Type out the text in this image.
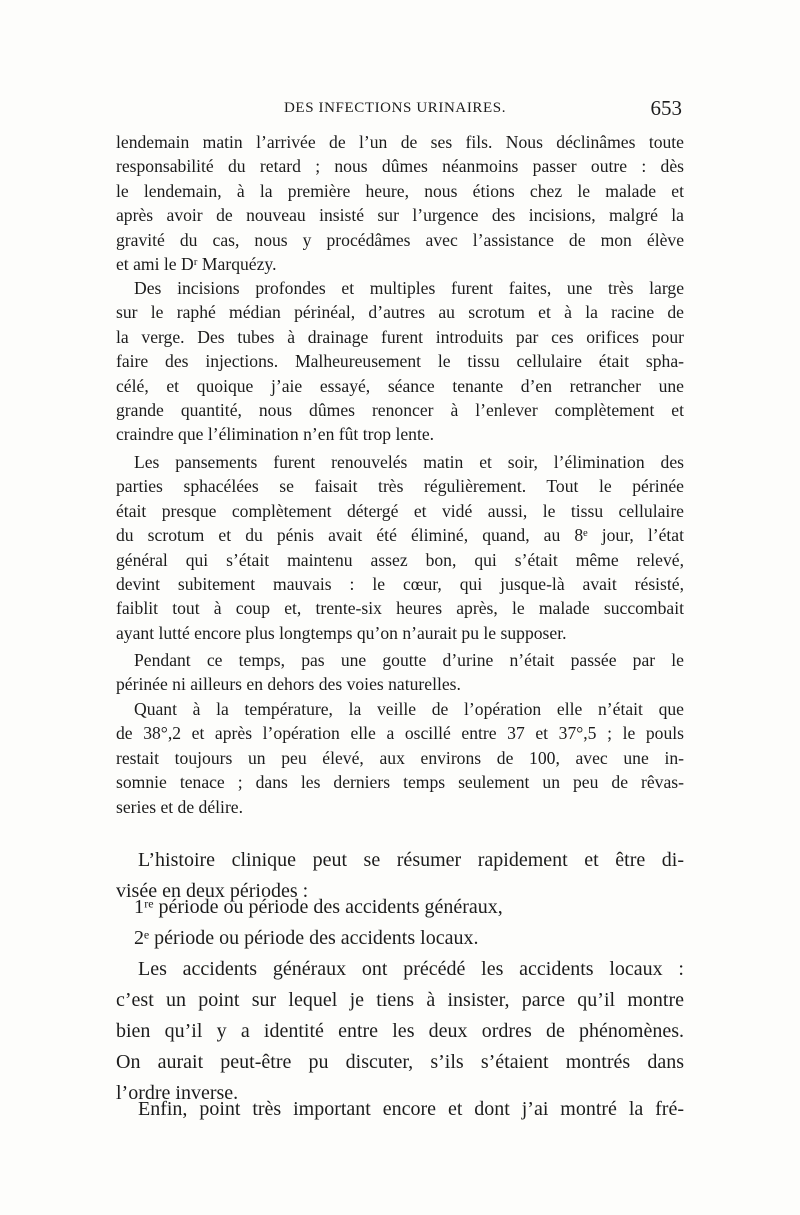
DES INFECTIONS URINAIRES.	653
lendemain matin l’arrivée de l’un de ses fils. Nous déclinâmes toute
responsabilité du retard ; nous dûmes néanmoins passer outre : dès
le lendemain, à la première heure, nous étions chez le malade et
après avoir de nouveau insisté sur l’urgence des incisions, malgré la
gravité du cas, nous y procédâmes avec l’assistance de mon élève
et ami le Dʳ Marquézy.
Des incisions profondes et multiples furent faites, une très large
sur le raphé médian périnéal, d’autres au scrotum et à la racine de
la verge. Des tubes à drainage furent introduits par ces orifices pour
faire des injections. Malheureusement le tissu cellulaire était spha-
célé, et quoique j’aie essayé, séance tenante d’en retrancher une
grande quantité, nous dûmes renoncer à l’enlever complètement et
craindre que l’élimination n’en fût trop lente.
Les pansements furent renouvelés matin et soir, l’élimination des
parties sphacélées se faisait très régulièrement. Tout le périnée
était presque complètement détergé et vidé aussi, le tissu cellulaire
du scrotum et du pénis avait été éliminé, quand, au 8ᵉ jour, l’état
général qui s’était maintenu assez bon, qui s’était même relevé,
devint subitement mauvais : le cœur, qui jusque-là avait résisté,
faiblit tout à coup et, trente-six heures après, le malade succombait
ayant lutté encore plus longtemps qu’on n’aurait pu le supposer.
Pendant ce temps, pas une goutte d’urine n’était passée par le
périnée ni ailleurs en dehors des voies naturelles.
Quant à la température, la veille de l’opération elle n’était que
de 38°,2 et après l’opération elle a oscillé entre 37 et 37°,5 ; le pouls
restait toujours un peu élevé, aux environs de 100, avec une in-
somnie tenace ; dans les derniers temps seulement un peu de rêvas-
series et de délire.
L’histoire clinique peut se résumer rapidement et être di-
visée en deux périodes :
1ʳᵉ période ou période des accidents généraux,
2ᵉ période ou période des accidents locaux.
Les accidents généraux ont précédé les accidents locaux :
c’est un point sur lequel je tiens à insister, parce qu’il montre
bien qu’il y a identité entre les deux ordres de phénomènes.
On aurait peut-être pu discuter, s’ils s’étaient montrés dans
l’ordre inverse.
Enfin, point très important encore et dont j’ai montré la fré-
